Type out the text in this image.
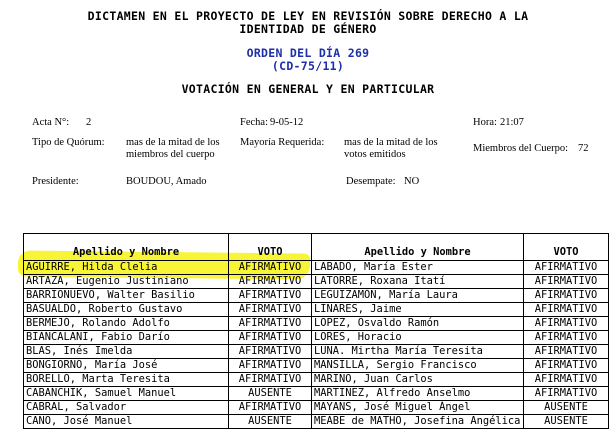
DICTAMEN EN EL PROYECTO DE LEY EN REVISIÓN SOBRE DERECHO A LA
IDENTIDAD DE GÉNERO
ORDEN DEL DÍA 269
(CD-75/11)
VOTACIÓN EN GENERAL Y EN PARTICULAR
Acta N°: 2	Fecha: 9-05-12	Hora: 21:07
Tipo de Quórum: mas de la mitad de los
miembros del cuerpo
Mayoría Requerida: mas de la mitad de los
votos emitidos
Miembros del Cuerpo: 72
Presidente:	BOUDOU, Amado	Desempate: NO
Apellido y Nombre	VOTO	Apellido y Nombre	VOTO
AGUIRRE, Hilda Clelia	AFIRMATIVO	LABADO, María Ester	AFIRMATIVO
ARTAZA, Eugenio Justiniano	AFIRMATIVO	LATORRE, Roxana Itatí	AFIRMATIVO
BARRIONUEVO, Walter Basilio	AFIRMATIVO	LEGUIZAMÓN, María Laura	AFIRMATIVO
BASUALDO, Roberto Gustavo	AFIRMATIVO	LINARES, Jaime	AFIRMATIVO
BERMEJO, Rolando Adolfo	AFIRMATIVO	LOPEZ, Osvaldo Ramón	AFIRMATIVO
BIANCALANI, Fabio Darío	AFIRMATIVO	LORES, Horacio	AFIRMATIVO
BLAS, Inés Imelda	AFIRMATIVO	LUNA. Mirtha María Teresita	AFIRMATIVO
BONGIORNO, María José	AFIRMATIVO	MANSILLA, Sergio Francisco	AFIRMATIVO
BORELLO, Marta Teresita	AFIRMATIVO	MARINO, Juan Carlos	AFIRMATIVO
CABANCHIK, Samuel Manuel	AUSENTE	MARTINEZ, Alfredo Anselmo	AFIRMATIVO
CABRAL, Salvador	AFIRMATIVO	MAYANS, José Miguel Ángel	AUSENTE
CANO, José Manuel	AUSENTE	MEABE de MATHO, Josefina Angélica	AUSENTE
